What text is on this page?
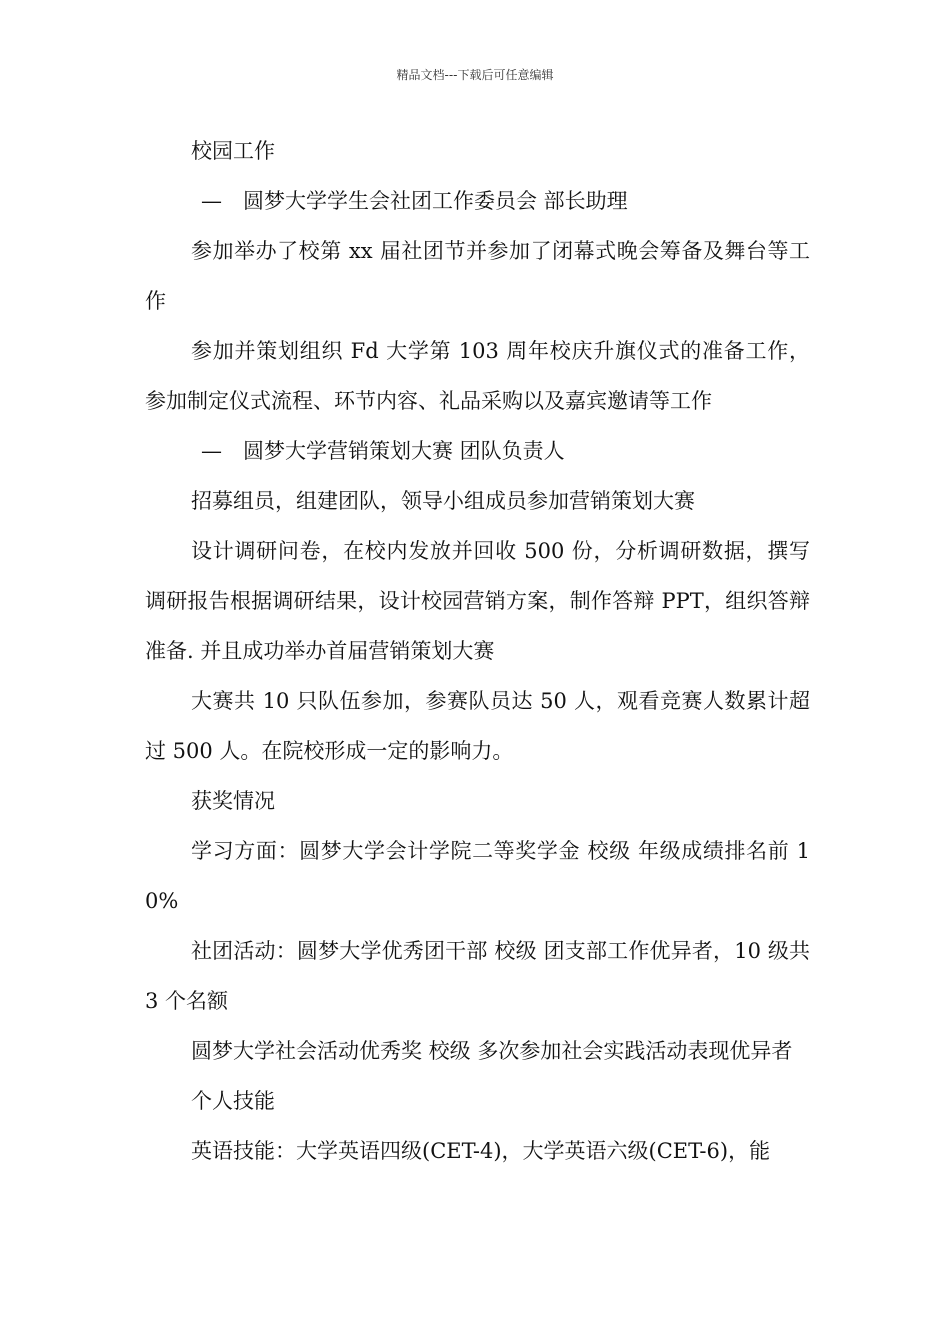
精品文档---下载后可任意编辑

校园工作

—　圆梦大学学生会社团工作委员会 部长助理

参加举办了校第 xx 届社团节并参加了闭幕式晚会筹备及舞台等工作

参加并策划组织 Fd 大学第 103 周年校庆升旗仪式的准备工作，参加制定仪式流程、环节内容、礼品采购以及嘉宾邀请等工作

—　圆梦大学营销策划大赛 团队负责人

招募组员，组建团队，领导小组成员参加营销策划大赛

设计调研问卷，在校内发放并回收 500 份，分析调研数据，撰写调研报告根据调研结果，设计校园营销方案，制作答辩 PPT，组织答辩准备. 并且成功举办首届营销策划大赛

大赛共 10 只队伍参加，参赛队员达 50 人，观看竞赛人数累计超过 500 人。在院校形成一定的影响力。

获奖情况

学习方面：圆梦大学会计学院二等奖学金 校级 年级成绩排名前 10%

社团活动：圆梦大学优秀团干部 校级 团支部工作优异者，10 级共 3 个名额

圆梦大学社会活动优秀奖 校级 多次参加社会实践活动表现优异者

个人技能

英语技能：大学英语四级(CET-4)，大学英语六级(CET-6)，能
